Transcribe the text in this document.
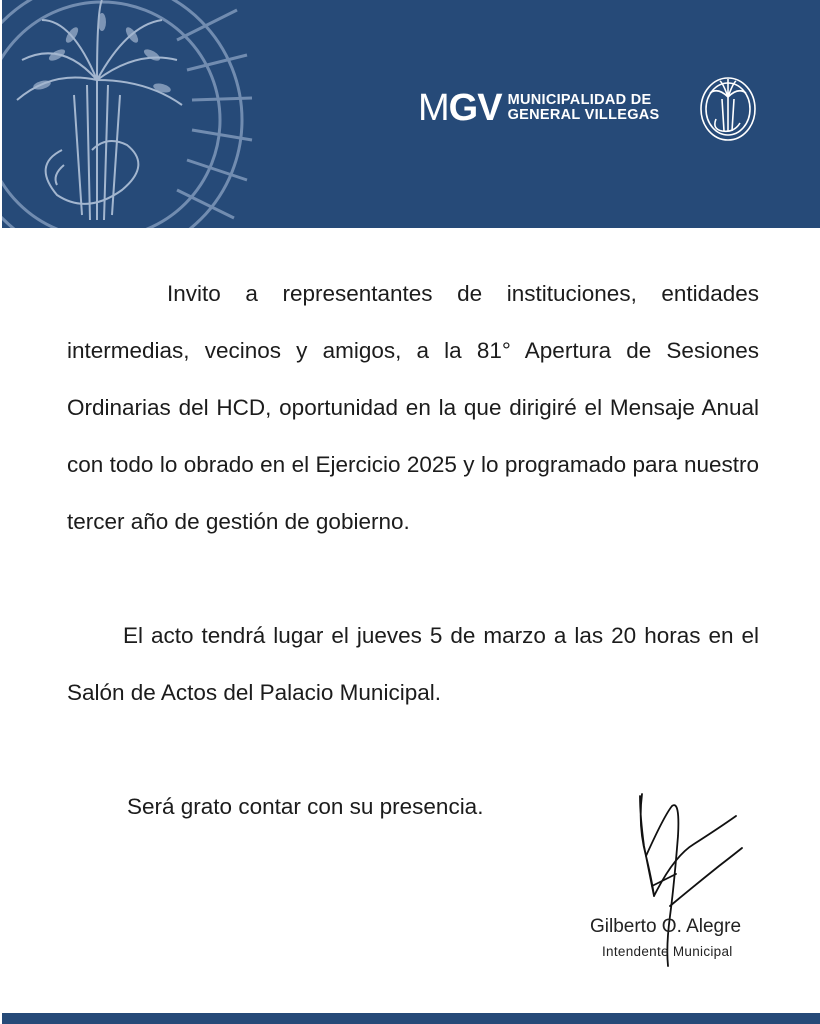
MGV MUNICIPALIDAD DE
GENERAL VILLEGAS

Invito a representantes de instituciones, entidades intermedias, vecinos y amigos, a la 81° Apertura de Sesiones Ordinarias del HCD, oportunidad en la que dirigiré el Mensaje Anual con todo lo obrado en el Ejercicio 2025 y lo programado para nuestro tercer año de gestión de gobierno.

El acto tendrá lugar el jueves 5 de marzo a las 20 horas en el Salón de Actos del Palacio Municipal.

Será grato contar con su presencia.

Gilberto O. Alegre
Intendente Municipal
